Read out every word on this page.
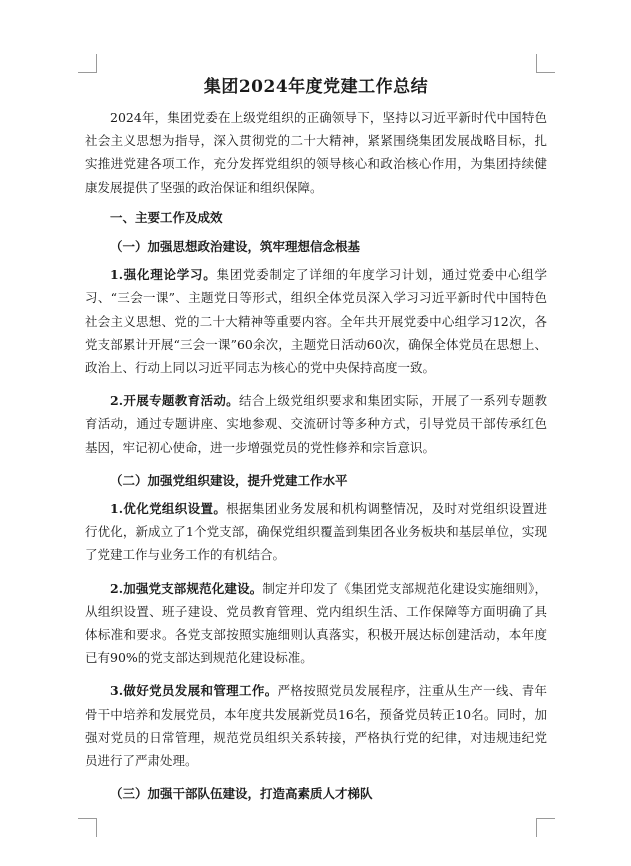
集团2024年度党建工作总结

2024年，集团党委在上级党组织的正确领导下，坚持以习近平新时代中国特色社会主义思想为指导，深入贯彻党的二十大精神，紧紧围绕集团发展战略目标，扎实推进党建各项工作，充分发挥党组织的领导核心和政治核心作用，为集团持续健康发展提供了坚强的政治保证和组织保障。

一、主要工作及成效

（一）加强思想政治建设，筑牢理想信念根基

1.强化理论学习。集团党委制定了详细的年度学习计划，通过党委中心组学习、“三会一课”、主题党日等形式，组织全体党员深入学习习近平新时代中国特色社会主义思想、党的二十大精神等重要内容。全年共开展党委中心组学习12次，各党支部累计开展“三会一课”60余次，主题党日活动60次，确保全体党员在思想上、政治上、行动上同以习近平同志为核心的党中央保持高度一致。

2.开展专题教育活动。结合上级党组织要求和集团实际，开展了一系列专题教育活动，通过专题讲座、实地参观、交流研讨等多种方式，引导党员干部传承红色基因，牢记初心使命，进一步增强党员的党性修养和宗旨意识。

（二）加强党组织建设，提升党建工作水平

1.优化党组织设置。根据集团业务发展和机构调整情况，及时对党组织设置进行优化，新成立了1个党支部，确保党组织覆盖到集团各业务板块和基层单位，实现了党建工作与业务工作的有机结合。

2.加强党支部规范化建设。制定并印发了《集团党支部规范化建设实施细则》，从组织设置、班子建设、党员教育管理、党内组织生活、工作保障等方面明确了具体标准和要求。各党支部按照实施细则认真落实，积极开展达标创建活动，本年度已有90%的党支部达到规范化建设标准。

3.做好党员发展和管理工作。严格按照党员发展程序，注重从生产一线、青年骨干中培养和发展党员，本年度共发展新党员16名，预备党员转正10名。同时，加强对党员的日常管理，规范党员组织关系转接，严格执行党的纪律，对违规违纪党员进行了严肃处理。

（三）加强干部队伍建设，打造高素质人才梯队
